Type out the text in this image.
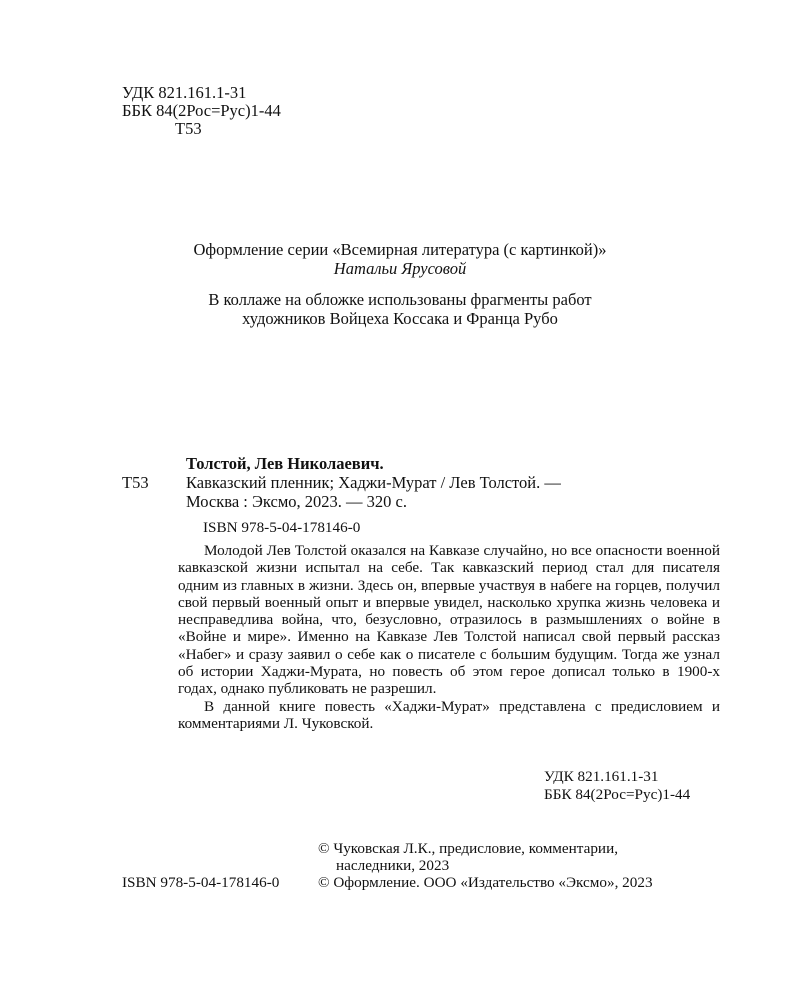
УДК 821.161.1-31
ББК 84(2Рос=Рус)1-44
Т53
Оформление серии «Всемирная литература (с картинкой)»
Натальи Ярусовой
В коллаже на обложке использованы фрагменты работ
художников Войцеха Коссака и Франца Рубо
Толстой, Лев Николаевич.
Т53 Кавказский пленник; Хаджи-Мурат / Лев Толстой. —
Москва : Эксмо, 2023. — 320 с.
ISBN 978-5-04-178146-0

Молодой Лев Толстой оказался на Кавказе случайно, но все опасности военной кавказской жизни испытал на себе. Так кавказский период стал для писателя одним из главных в жизни. Здесь он, впервые участвуя в набеге на горцев, получил свой первый военный опыт и впервые увидел, насколько хрупка жизнь человека и несправедлива война, что, безусловно, отразилось в размышлениях о войне в «Войне и мире». Именно на Кавказе Лев Толстой написал свой первый рассказ «Набег» и сразу заявил о себе как о писателе с большим будущим. Тогда же узнал об истории Хаджи-Мурата, но повесть об этом герое дописал только в 1900-х годах, однако публиковать не разрешил.

В данной книге повесть «Хаджи-Мурат» представлена с предисловием и комментариями Л. Чуковской.

УДК 821.161.1-31
ББК 84(2Рос=Рус)1-44
© Чуковская Л.К., предисловие, комментарии,
наследники, 2023
ISBN 978-5-04-178146-0	© Оформление. ООО «Издательство «Эксмо», 2023
